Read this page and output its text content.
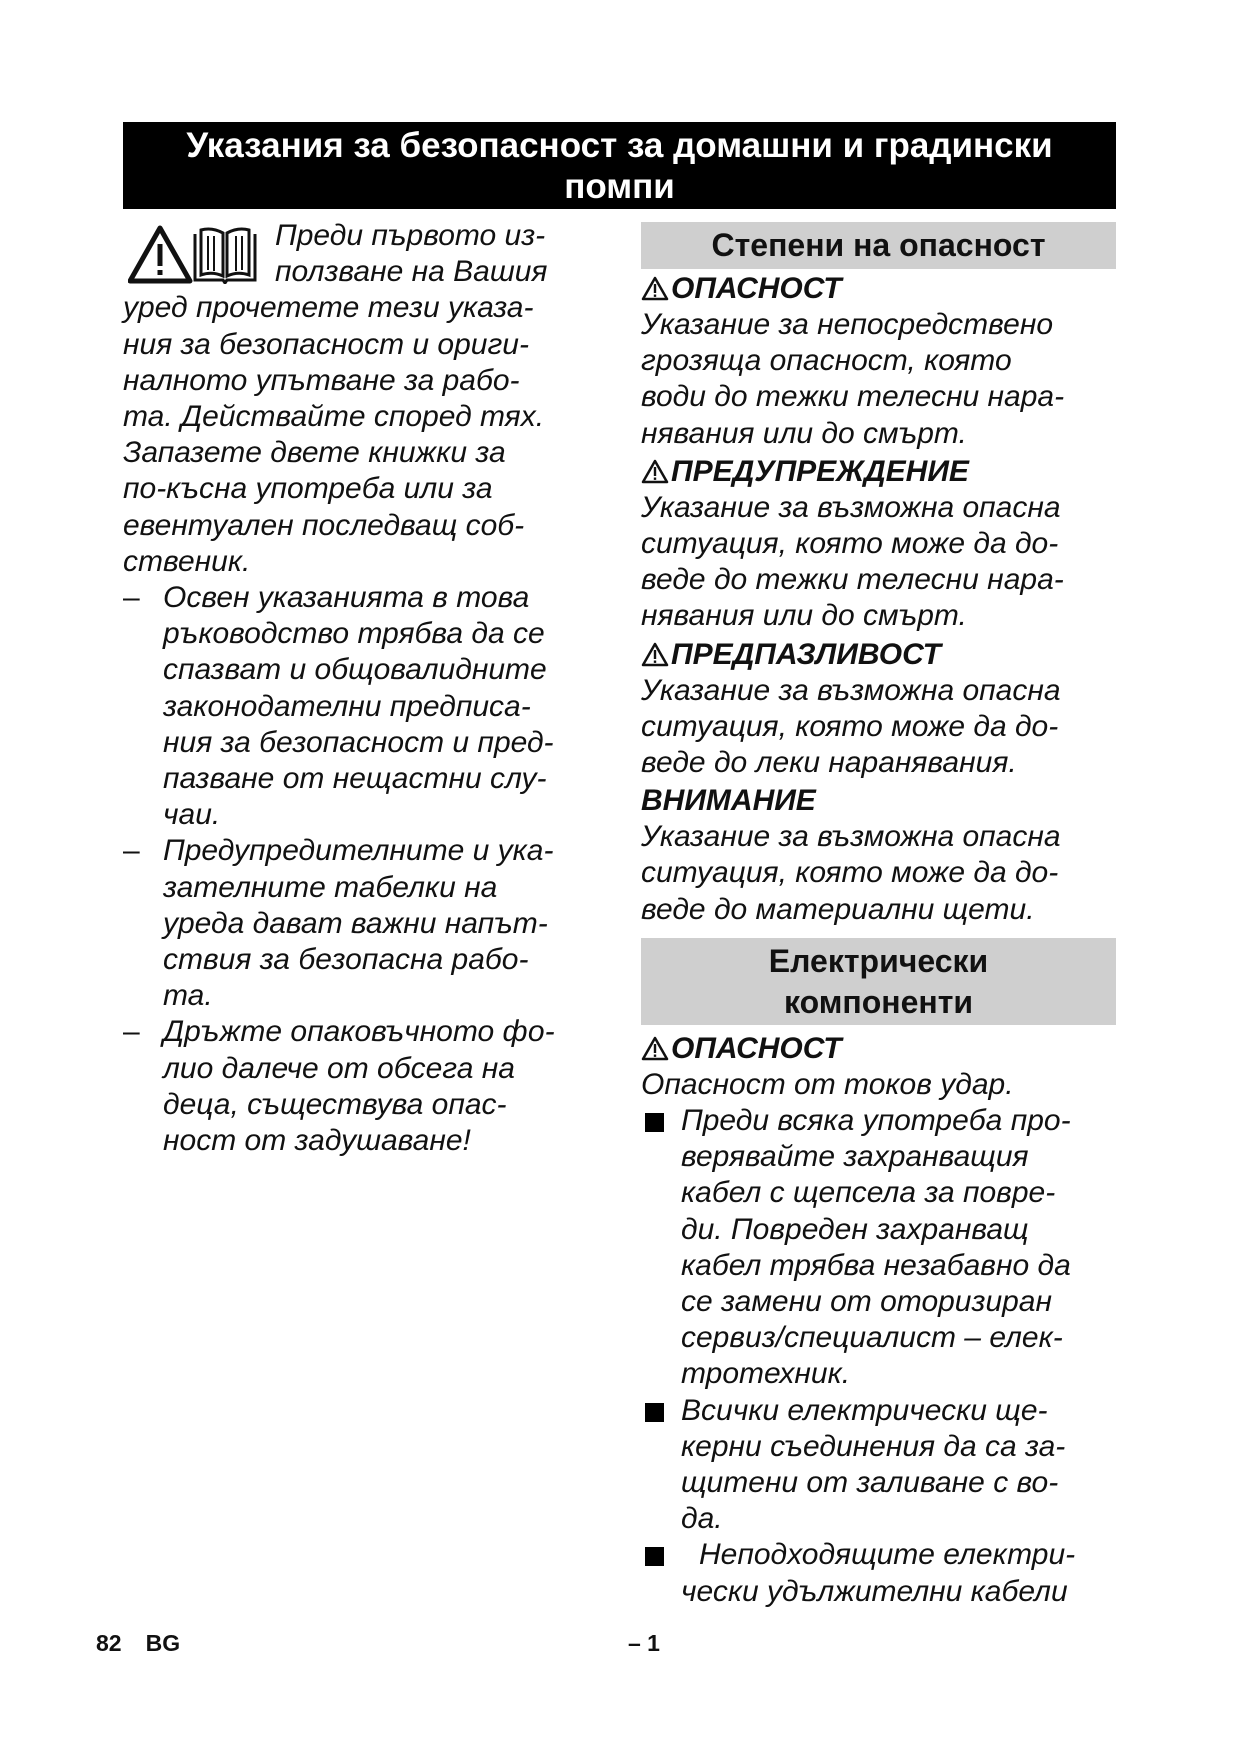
Указания за безопасност за домашни и градински
помпи

Преди първото из-
ползване на Вашия
уред прочетете тези указа-
ния за безопасност и ориги-
налното упътване за рабо-
та. Действайте според тях.
Запазете двете книжки за
по-късна употреба или за
евентуален последващ соб-
ственик.

– Освен указанията в това
ръководство трябва да се
спазват и общовалидните
законодателни предписа-
ния за безопасност и пред-
пазване от нещастни слу-
чаи.
– Предупредителните и ука-
зателните табелки на
уреда дават важни напът-
ствия за безопасна рабо-
та.
– Дръжте опаковъчното фо-
лио далече от обсега на
деца, съществува опас-
ност от задушаване!
Степени на опасност
ОПАСНОСТ

Указание за непосредствено
грозяща опасност, която
води до тежки телесни нара-
нявания или до смърт.

ПРЕДУПРЕЖДЕНИЕ

Указание за възможна опасна
ситуация, която може да до-
веде до тежки телесни нара-
нявания или до смърт.

ПРЕДПАЗЛИВОСТ

Указание за възможна опасна
ситуация, която може да до-
веде до леки наранявания.

ВНИМАНИЕ

Указание за възможна опасна
ситуация, която може да до-
веде до материални щети.

Електрически
компоненти
ОПАСНОСТ

Опасност от токов удар.

Преди всяка употреба про-
верявайте захранващия
кабел с щепсела за повре-
ди. Повреден захранващ
кабел трябва незабавно да
се замени от оторизиран
сервиз/специалист – елек-
тротехник.
Всички електрически ще-
керни съединения да са за-
щитени от заливане с во-
да.
Неподходящите електри-
чески удължителни кабели
82 BG	– 1
